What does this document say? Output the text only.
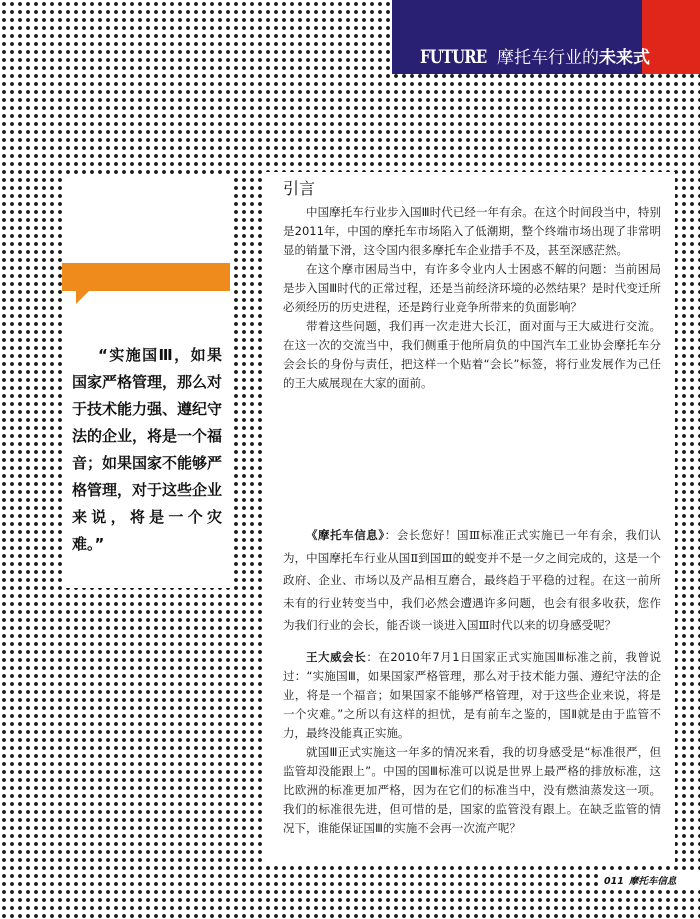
FUTURE 摩托车行业的 未来式

“实施国Ⅲ，如果国家严格管理，那么对于技术能力强、遵纪守法的企业，将是一个福音；如果国家不能够严格管理，对于这些企业来说，将是一个灾难。”

引言

中国摩托车行业步入国Ⅲ时代已经一年有余。在这个时间段当中，特别是2011年，中国的摩托车市场陷入了低潮期，整个终端市场出现了非常明显的销量下滑，这令国内很多摩托车企业措手不及，甚至深感茫然。

在这个摩市困局当中，有许多令业内人士困惑不解的问题：当前困局是步入国Ⅲ时代的正常过程，还是当前经济环境的必然结果？是时代变迁所必须经历的历史进程，还是跨行业竞争所带来的负面影响？

带着这些问题，我们再一次走进大长江，面对面与王大威进行交流。在这一次的交流当中，我们侧重于他所肩负的中国汽车工业协会摩托车分会会长的身份与责任，把这样一个贴着“会长”标签，将行业发展作为己任的王大威展现在大家的面前。

《摩托车信息》：会长您好！国Ⅲ标准正式实施已一年有余，我们认为，中国摩托车行业从国Ⅱ到国Ⅲ的蜕变并不是一夕之间完成的，这是一个政府、企业、市场以及产品相互磨合，最终趋于平稳的过程。在这一前所未有的行业转变当中，我们必然会遭遇许多问题，也会有很多收获，您作为我们行业的会长，能否谈一谈进入国Ⅲ时代以来的切身感受呢？

王大威会长：在2010年7月1日国家正式实施国Ⅲ标准之前，我曾说过：“实施国Ⅲ，如果国家严格管理，那么对于技术能力强、遵纪守法的企业，将是一个福音；如果国家不能够严格管理，对于这些企业来说，将是一个灾难。”之所以有这样的担忧，是有前车之鉴的，国Ⅱ就是由于监管不力，最终没能真正实施。

就国Ⅲ正式实施这一年多的情况来看，我的切身感受是“标准很严，但监管却没能跟上”。中国的国Ⅲ标准可以说是世界上最严格的排放标准，这比欧洲的标准更加严格，因为在它们的标准当中，没有燃油蒸发这一项。我们的标准很先进，但可惜的是，国家的监管没有跟上。在缺乏监管的情况下，谁能保证国Ⅲ的实施不会再一次流产呢？

011 摩托车信息
